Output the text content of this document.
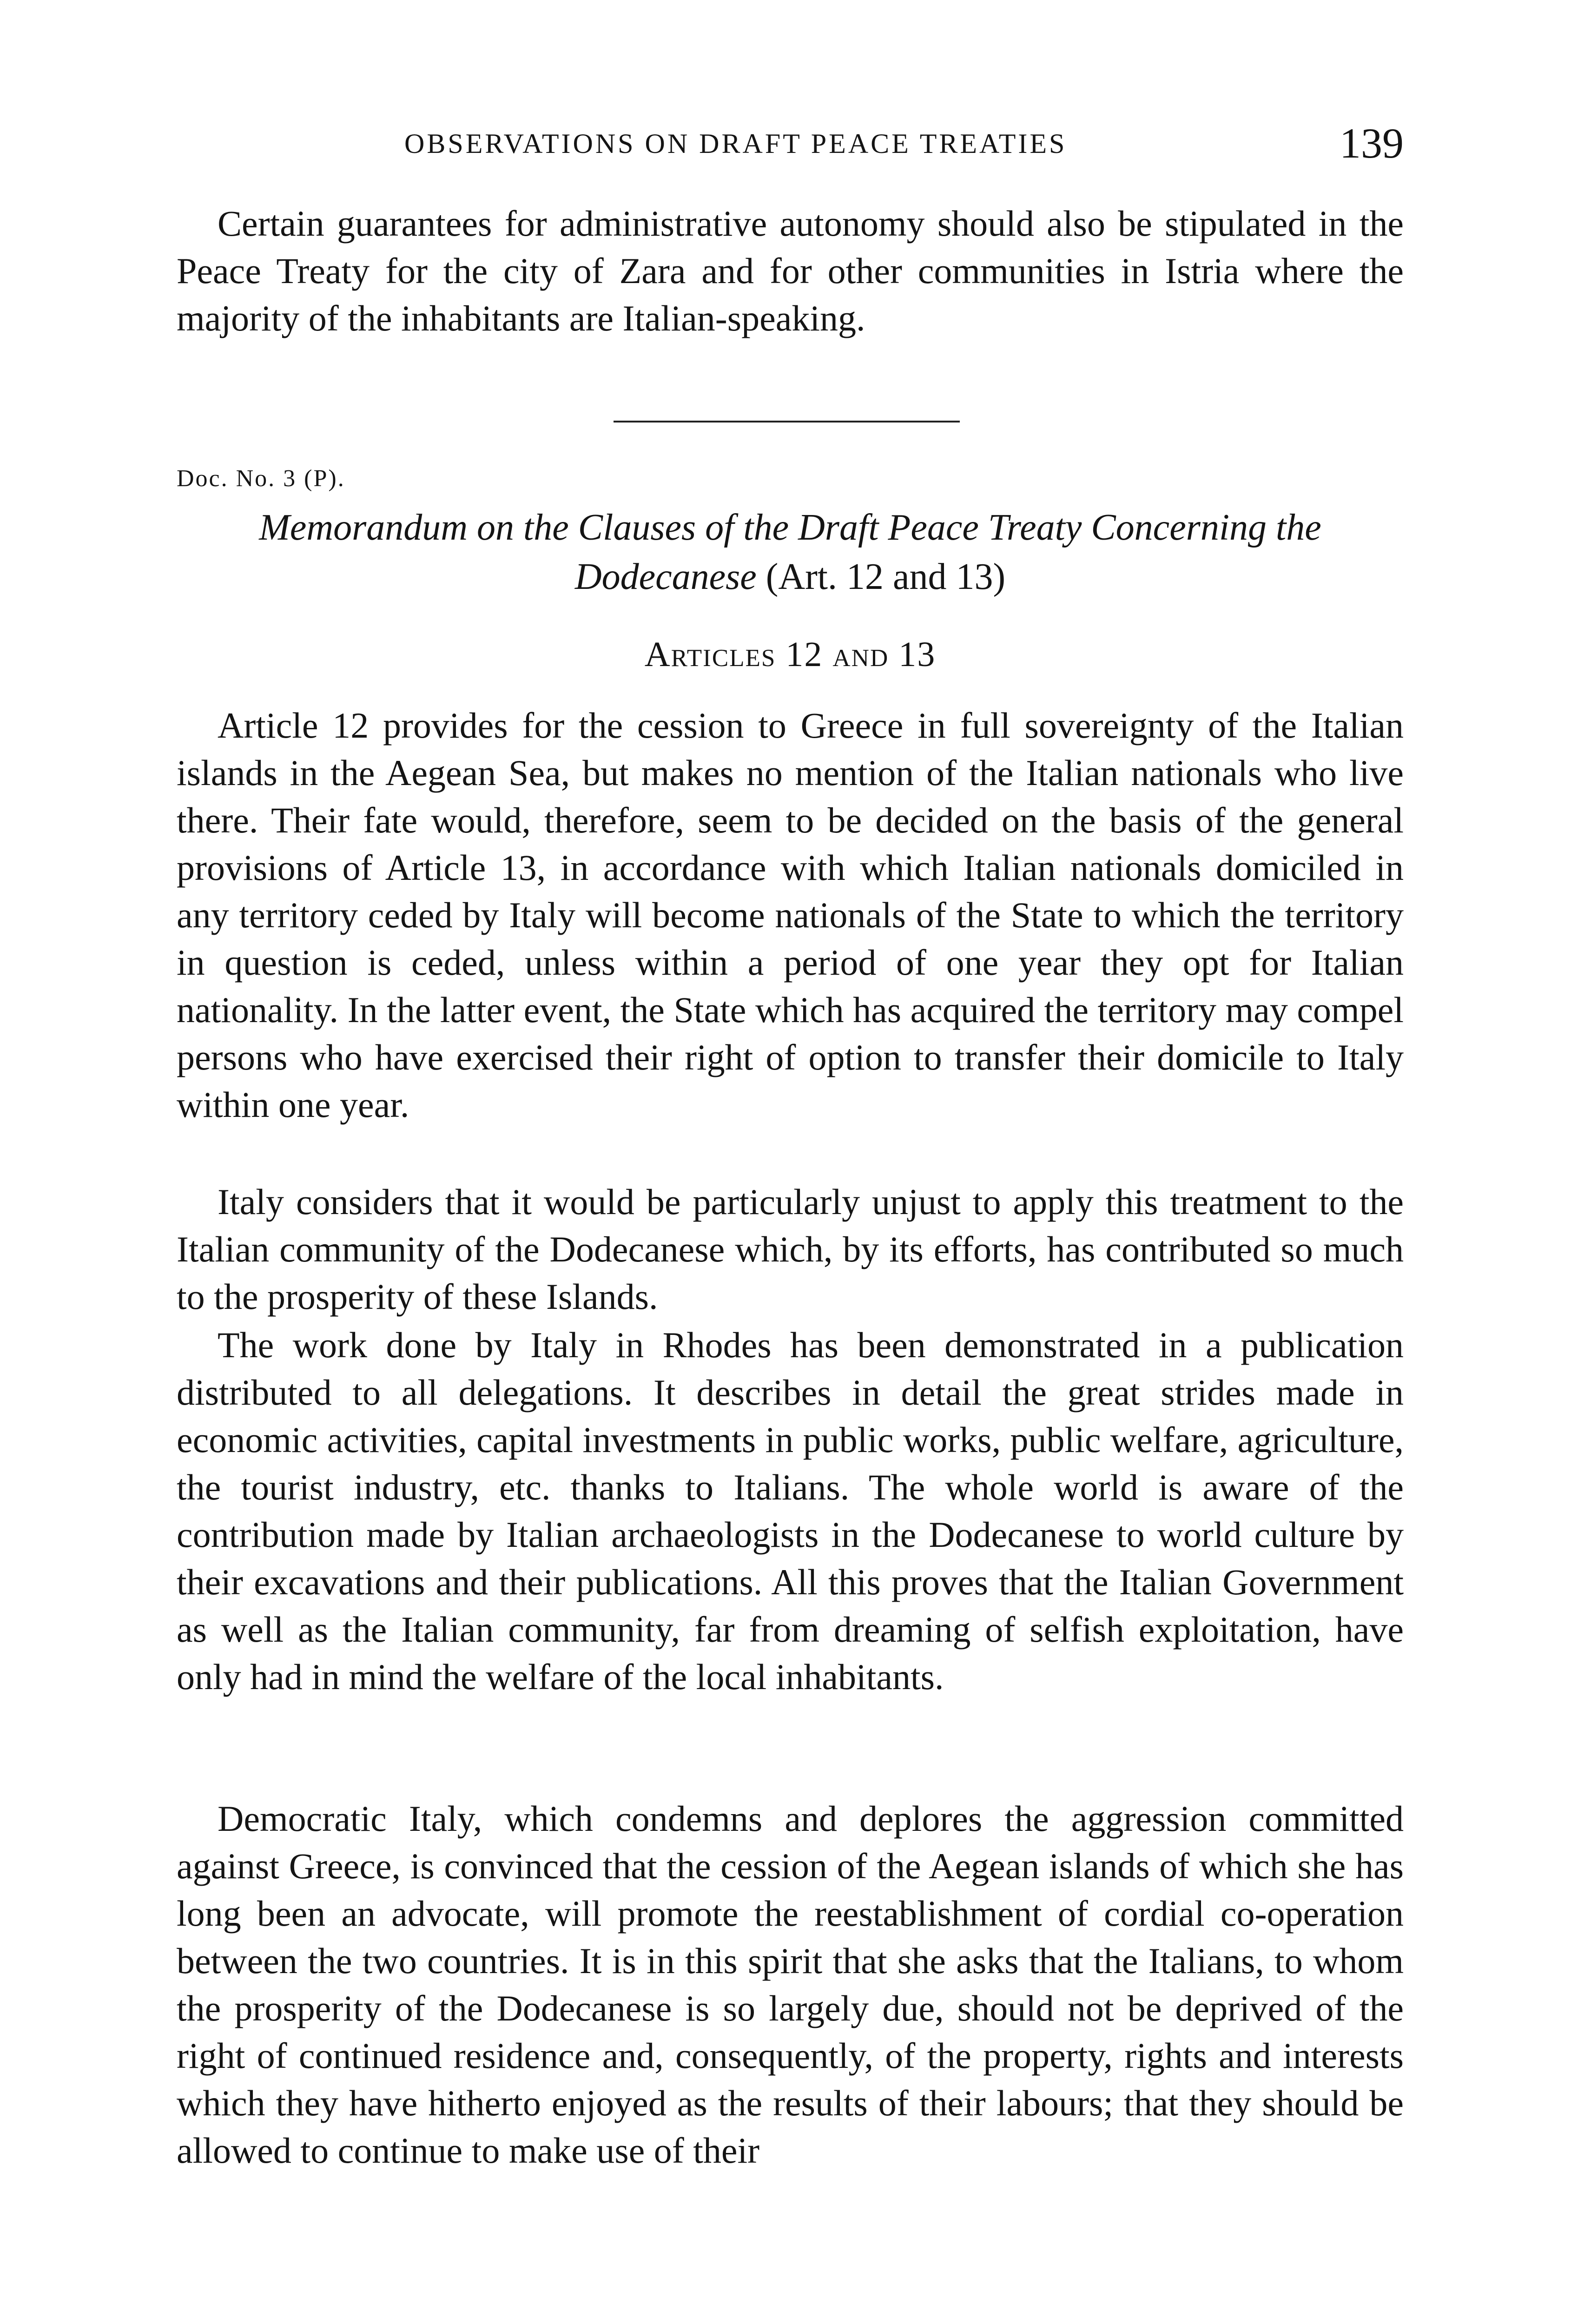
OBSERVATIONS ON DRAFT PEACE TREATIES	139

Certain guarantees for administrative autonomy should also be stipulated in the Peace Treaty for the city of Zara and for other communities in Istria where the majority of the inhabitants are Italian-speaking.

Doc. No. 3 (P).

Memorandum on the Clauses of the Draft Peace Treaty Concerning the Dodecanese (Art. 12 and 13)

Articles 12 and 13

Article 12 provides for the cession to Greece in full sovereignty of the Italian islands in the Aegean Sea, but makes no mention of the Italian nationals who live there. Their fate would, therefore, seem to be decided on the basis of the general provisions of Article 13, in accordance with which Italian nationals domiciled in any territory ceded by Italy will become nationals of the State to which the territory in question is ceded, unless within a period of one year they opt for Italian nationality. In the latter event, the State which has acquired the territory may compel persons who have exercised their right of option to transfer their domicile to Italy within one year.

Italy considers that it would be particularly unjust to apply this treatment to the Italian community of the Dodecanese which, by its efforts, has contributed so much to the prosperity of these Islands.

The work done by Italy in Rhodes has been demonstrated in a publication distributed to all delegations. It describes in detail the great strides made in economic activities, capital investments in public works, public welfare, agriculture, the tourist industry, etc. thanks to Italians. The whole world is aware of the contribution made by Italian archaeologists in the Dodecanese to world culture by their excavations and their publications. All this proves that the Italian Government as well as the Italian community, far from dreaming of selfish exploitation, have only had in mind the welfare of the local inhabitants.

Democratic Italy, which condemns and deplores the aggression committed against Greece, is convinced that the cession of the Aegean islands of which she has long been an advocate, will promote the reestablishment of cordial co-operation between the two countries. It is in this spirit that she asks that the Italians, to whom the prosperity of the Dodecanese is so largely due, should not be deprived of the right of continued residence and, consequently, of the property, rights and interests which they have hitherto enjoyed as the results of their labours; that they should be allowed to continue to make use of their
